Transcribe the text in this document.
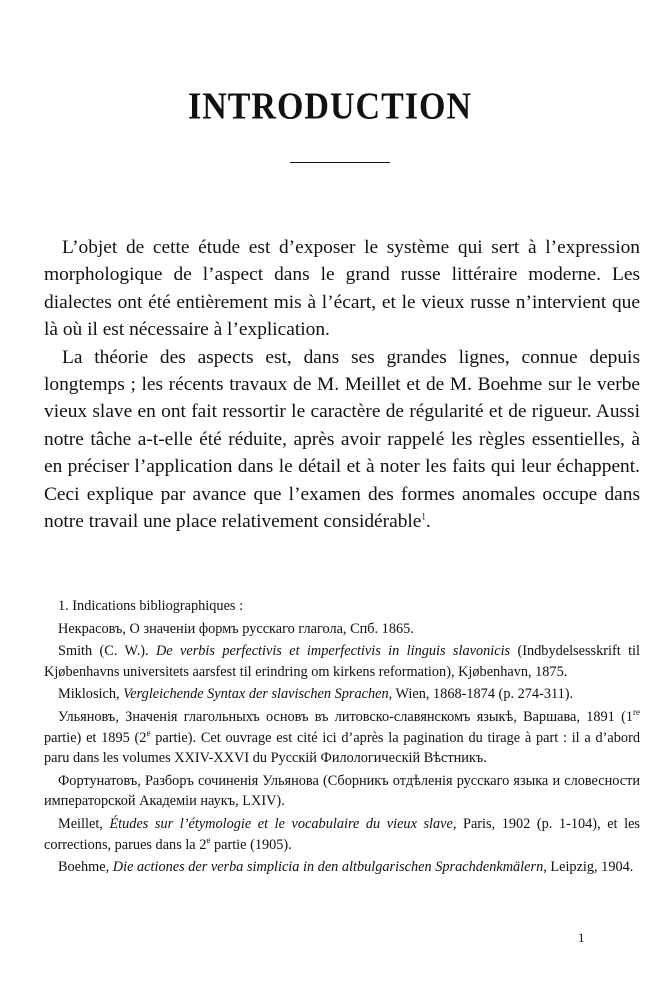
INTRODUCTION

L’objet de cette étude est d’exposer le système qui sert à l’expression morphologique de l’aspect dans le grand russe littéraire moderne. Les dialectes ont été entièrement mis à l’écart, et le vieux russe n’intervient que là où il est nécessaire à l’explication.

La théorie des aspects est, dans ses grandes lignes, connue depuis longtemps ; les récents travaux de M. Meillet et de M. Boehme sur le verbe vieux slave en ont fait ressortir le caractère de régularité et de rigueur. Aussi notre tâche a-t-elle été réduite, après avoir rappelé les règles essentielles, à en préciser l’application dans le détail et à noter les faits qui leur échappent. Ceci explique par avance que l’examen des formes anomales occupe dans notre travail une place relativement considérable$^1$.

1. Indications bibliographiques :

Некрасовъ, О значенiи формъ русскаго глагола, Спб. 1865.

Smith (C. W.). De verbis perfectivis et imperfectivis in linguis slavonicis (Indbydelsesskrift til Kjøbenhavns universitets aarsfest til erindring om kirkens reformation), Kjøbenhavn, 1875.

Miklosich, Vergleichende Syntax der slavischen Sprachen, Wien, 1868-1874 (p. 274-311).

Ульяновъ, Значенiя глагольныхъ основъ въ литовско-славянскомъ языкѣ, Варшава, 1891 (1re partie) et 1895 (2e partie). Cet ouvrage est cité ici d’après la pagination du tirage à part : il a d’abord paru dans les volumes XXIV-XXVI du Русскiй Филологическiй Вѣстникъ.

Фортунатовъ, Разборъ сочиненiя Ульянова (Сборникъ отдѣленiя русскаго языка и словесности императорской Академiи наукъ, LXIV).

Meillet, Études sur l’étymologie et le vocabulaire du vieux slave, Paris, 1902 (p. 1-104), et les corrections, parues dans la 2e partie (1905).

Boehme, Die actiones der verba simplicia in den altbulgarischen Sprachdenkmälern, Leipzig, 1904.

1
